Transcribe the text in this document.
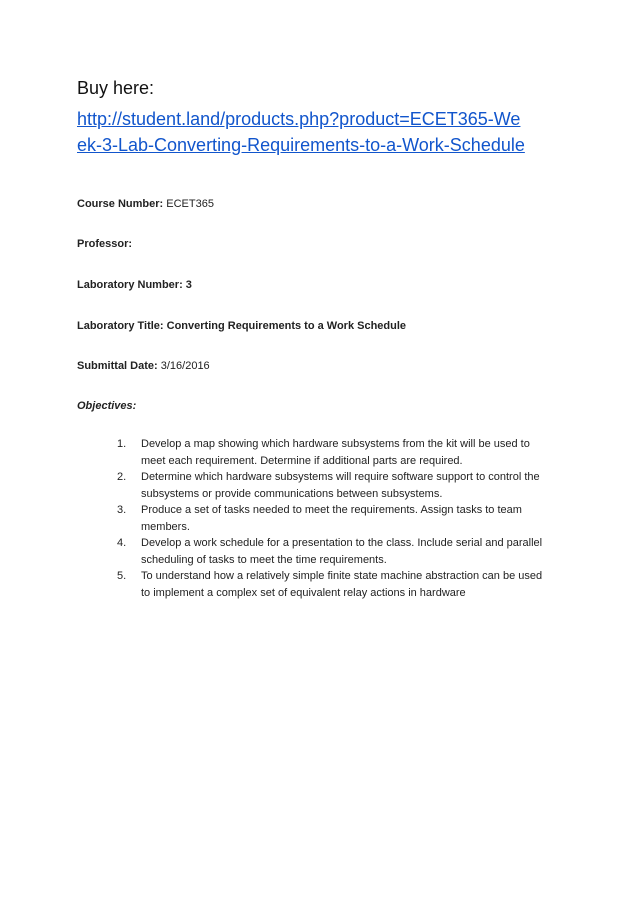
Buy here:
http://student.land/products.php?product=ECET365-We
ek-3-Lab-Converting-Requirements-to-a-Work-Schedule
Course Number: ECET365
Professor:
Laboratory Number: 3
Laboratory Title: Converting Requirements to a Work Schedule
Submittal Date: 3/16/2016
Objectives:
1. Develop a map showing which hardware subsystems from the kit will be used to meet each requirement. Determine if additional parts are required.
2. Determine which hardware subsystems will require software support to control the subsystems or provide communications between subsystems.
3. Produce a set of tasks needed to meet the requirements. Assign tasks to team members.
4. Develop a work schedule for a presentation to the class. Include serial and parallel scheduling of tasks to meet the time requirements.
5. To understand how a relatively simple finite state machine abstraction can be used to implement a complex set of equivalent relay actions in hardware
